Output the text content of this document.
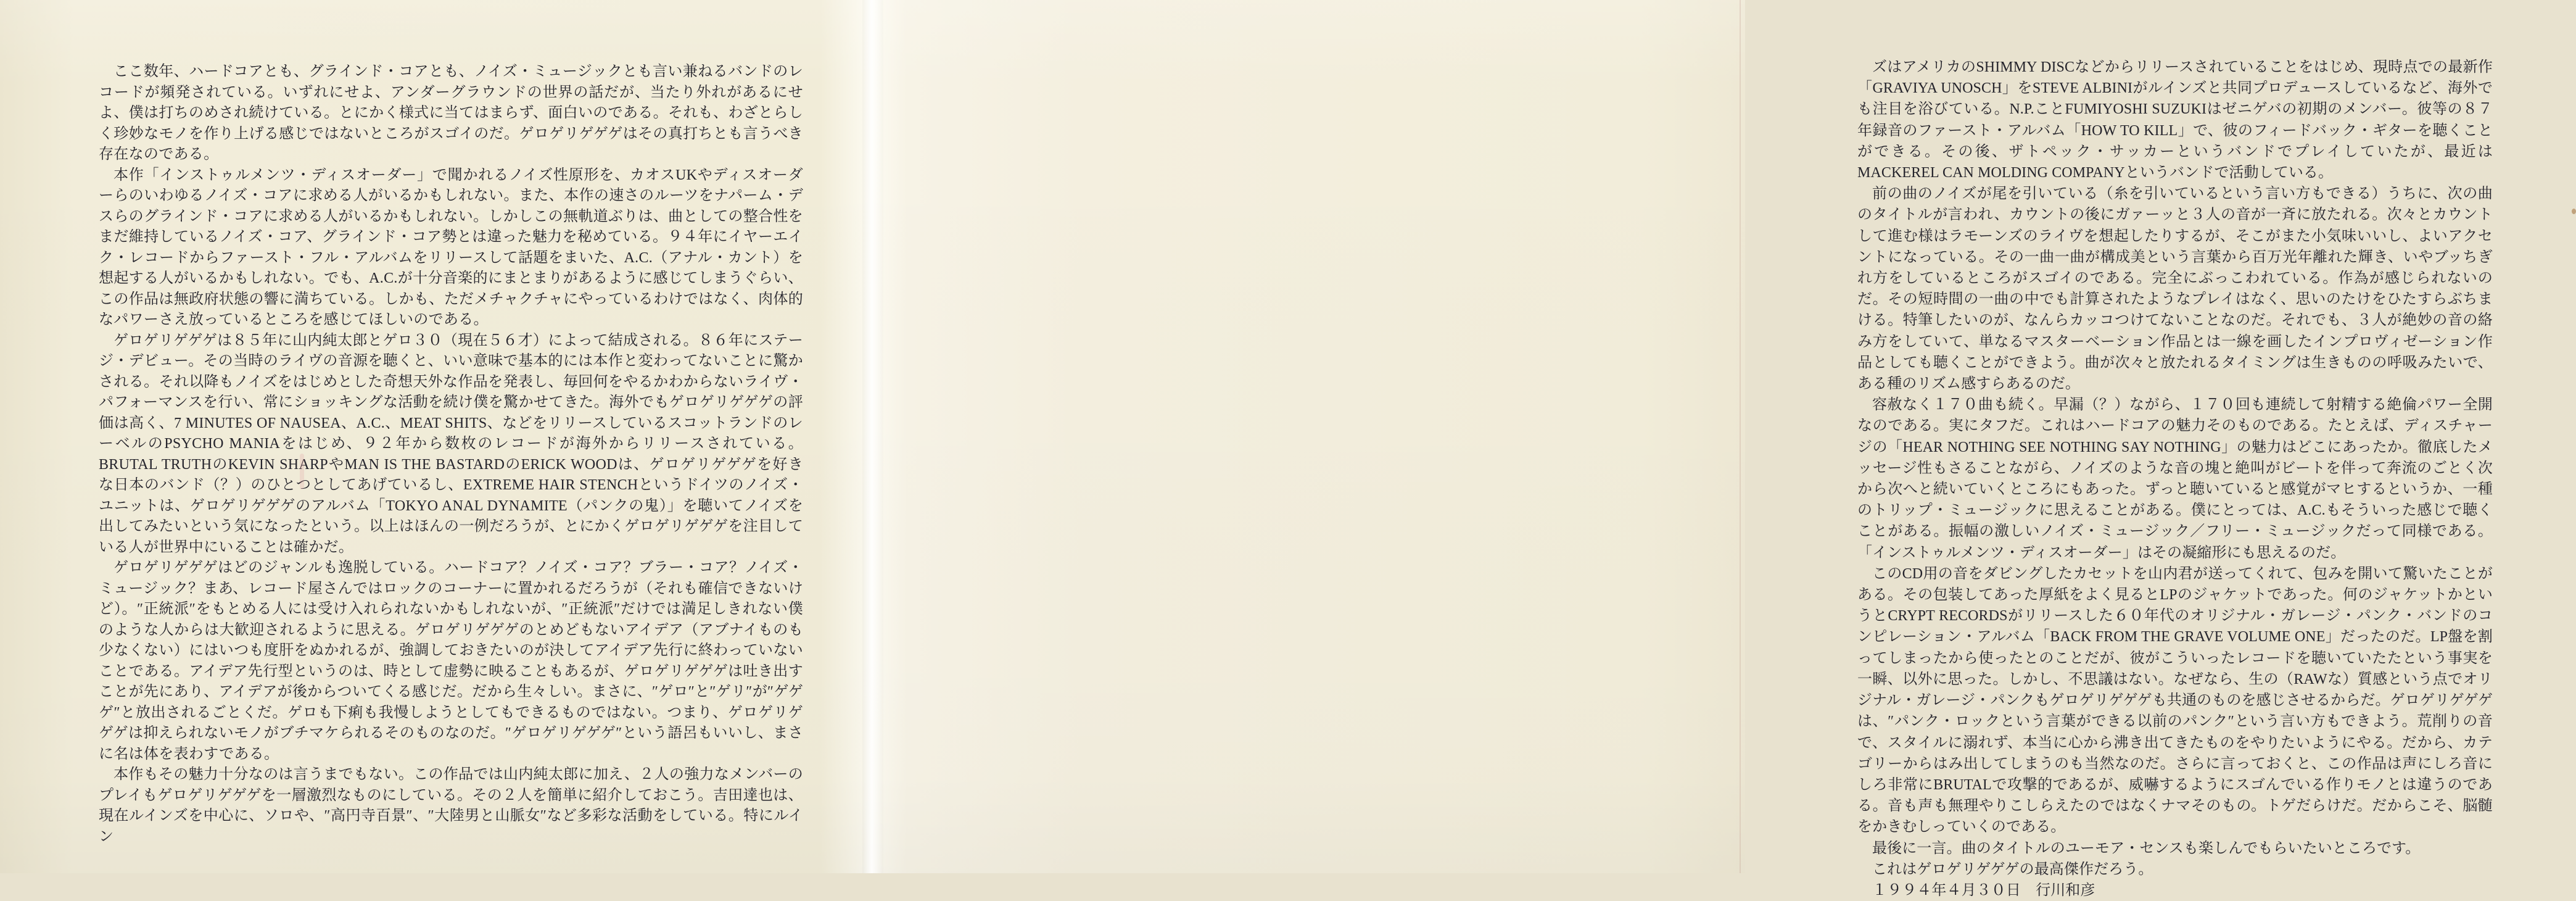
ここ数年、ハードコアとも、グラインド・コアとも、ノイズ・ミュージックとも言い兼ねるバンドのレコードが頻発されている。いずれにせよ、アンダーグラウンドの世界の話だが、当たり外れがあるにせよ、僕は打ちのめされ続けている。とにかく様式に当てはまらず、面白いのである。それも、わざとらしく珍妙なモノを作り上げる感じではないところがスゴイのだ。ゲロゲリゲゲゲはその真打ちとも言うべき存在なのである。

本作「インストゥルメンツ・ディスオーダー」で聞かれるノイズ性原形を、カオスUKやディスオーダーらのいわゆるノイズ・コアに求める人がいるかもしれない。また、本作の速さのルーツをナパーム・デスらのグラインド・コアに求める人がいるかもしれない。しかしこの無軌道ぶりは、曲としての整合性をまだ維持しているノイズ・コア、グラインド・コア勢とは違った魅力を秘めている。９４年にイヤーエイク・レコードからファースト・フル・アルバムをリリースして話題をまいた、A.C.（アナル・カント）を想起する人がいるかもしれない。でも、A.C.が十分音楽的にまとまりがあるように感じてしまうぐらい、この作品は無政府状態の響に満ちている。しかも、ただメチャクチャにやっているわけではなく、肉体的なパワーさえ放っているところを感じてほしいのである。

ゲロゲリゲゲゲは８５年に山内純太郎とゲロ３０（現在５６才）によって結成される。８６年にステージ・デビュー。その当時のライヴの音源を聴くと、いい意味で基本的には本作と変わってないことに驚かされる。それ以降もノイズをはじめとした奇想天外な作品を発表し、毎回何をやるかわからないライヴ・パフォーマンスを行い、常にショッキングな活動を続け僕を驚かせてきた。海外でもゲロゲリゲゲゲの評価は高く、7 MINUTES OF NAUSEA、A.C.、MEAT SHITS、などをリリースしているスコットランドのレーベルのPSYCHO MANIAをはじめ、９２年から数枚のレコードが海外からリリースされている。BRUTAL TRUTHのKEVIN SHARPやMAN IS THE BASTARDのERICK WOODは、ゲロゲリゲゲゲを好きな日本のバンド（？）のひとつとしてあげているし、EXTREME HAIR STENCHというドイツのノイズ・ユニットは、ゲロゲリゲゲゲのアルバム「TOKYO ANAL DYNAMITE（パンクの鬼）」を聴いてノイズを出してみたいという気になったという。以上はほんの一例だろうが、とにかくゲロゲリゲゲゲを注目している人が世界中にいることは確かだ。

ゲロゲリゲゲゲはどのジャンルも逸脱している。ハードコア？ノイズ・コア？ブラー・コア？ノイズ・ミュージック？まあ、レコード屋さんではロックのコーナーに置かれるだろうが（それも確信できないけど）。″正統派″をもとめる人には受け入れられないかもしれないが、″正統派″だけでは満足しきれない僕のような人からは大歓迎されるように思える。ゲロゲリゲゲゲのとめどもないアイデア（アブナイものも少なくない）にはいつも度肝をぬかれるが、強調しておきたいのが決してアイデア先行に終わっていないことである。アイデア先行型というのは、時として虚勢に映ることもあるが、ゲロゲリゲゲゲは吐き出すことが先にあり、アイデアが後からついてくる感じだ。だから生々しい。まさに、″ゲロ″と″ゲリ″が″ゲゲゲ″と放出されるごとくだ。ゲロも下痢も我慢しようとしてもできるものではない。つまり、ゲロゲリゲゲゲは抑えられないモノがブチマケられるそのものなのだ。″ゲロゲリゲゲゲ″という語呂もいいし、まさに名は体を表わすである。

本作もその魅力十分なのは言うまでもない。この作品では山内純太郎に加え、２人の強力なメンバーのプレイもゲロゲリゲゲゲを一層激烈なものにしている。その２人を簡単に紹介しておこう。吉田達也は、現在ルインズを中心に、ソロや、″高円寺百景″、″大陸男と山脈女″など多彩な活動をしている。特にルイン

ズはアメリカのSHIMMY DISCなどからリリースされていることをはじめ、現時点での最新作「GRAVIYA UNOSCH」をSTEVE ALBINIがルインズと共同プロデュースしているなど、海外でも注目を浴びている。N.P.ことFUMIYOSHI SUZUKIはゼニゲバの初期のメンバー。彼等の８７年録音のファースト・アルバム「HOW TO KILL」で、彼のフィードバック・ギターを聴くことができる。その後、ザトペック・サッカーというバンドでプレイしていたが、最近はMACKEREL CAN MOLDING COMPANYというバンドで活動している。

前の曲のノイズが尾を引いている（糸を引いているという言い方もできる）うちに、次の曲のタイトルが言われ、カウントの後にガァーッと３人の音が一斉に放たれる。次々とカウントして進む様はラモーンズのライヴを想起したりするが、そこがまた小気味いいし、よいアクセントになっている。その一曲一曲が構成美という言葉から百万光年離れた輝き、いやブッちぎれ方をしているところがスゴイのである。完全にぶっこわれている。作為が感じられないのだ。その短時間の一曲の中でも計算されたようなプレイはなく、思いのたけをひたすらぶちまける。特筆したいのが、なんらカッコつけてないことなのだ。それでも、３人が絶妙の音の絡み方をしていて、単なるマスターベーション作品とは一線を画したインプロヴィゼーション作品としても聴くことができよう。曲が次々と放たれるタイミングは生きものの呼吸みたいで、ある種のリズム感すらあるのだ。

容赦なく１７０曲も続く。早漏（？）ながら、１７０回も連続して射精する絶倫パワー全開なのである。実にタフだ。これはハードコアの魅力そのものである。たとえば、ディスチャージの「HEAR NOTHING SEE NOTHING SAY NOTHING」の魅力はどこにあったか。徹底したメッセージ性もさることながら、ノイズのような音の塊と絶叫がビートを伴って奔流のごとく次から次へと続いていくところにもあった。ずっと聴いていると感覚がマヒするというか、一種のトリップ・ミュージックに思えることがある。僕にとっては、A.C.もそういった感じで聴くことがある。振幅の激しいノイズ・ミュージック／フリー・ミュージックだって同様である。「インストゥルメンツ・ディスオーダー」はその凝縮形にも思えるのだ。

このCD用の音をダビングしたカセットを山内君が送ってくれて、包みを開いて驚いたことがある。その包装してあった厚紙をよく見るとLPのジャケットであった。何のジャケットかというとCRYPT RECORDSがリリースした６０年代のオリジナル・ガレージ・パンク・バンドのコンピレーション・アルバム「BACK FROM THE GRAVE VOLUME ONE」だったのだ。LP盤を割ってしまったから使ったとのことだが、彼がこういったレコードを聴いていたたという事実を一瞬、以外に思った。しかし、不思議はない。なぜなら、生の（RAWな）質感という点でオリジナル・ガレージ・パンクもゲロゲリゲゲゲも共通のものを感じさせるからだ。ゲロゲリゲゲゲは、″パンク・ロックという言葉ができる以前のパンク″という言い方もできよう。荒削りの音で、スタイルに溺れず、本当に心から沸き出てきたものをやりたいようにやる。だから、カテゴリーからはみ出してしまうのも当然なのだ。さらに言っておくと、この作品は声にしろ音にしろ非常にBRUTALで攻撃的であるが、威嚇するようにスゴんでいる作りモノとは違うのである。音も声も無理やりこしらえたのではなくナマそのもの。トゲだらけだ。だからこそ、脳髄をかきむしっていくのである。

最後に一言。曲のタイトルのユーモア・センスも楽しんでもらいたいところです。

これはゲロゲリゲゲゲの最高傑作だろう。

１９９４年４月３０日　行川和彦
